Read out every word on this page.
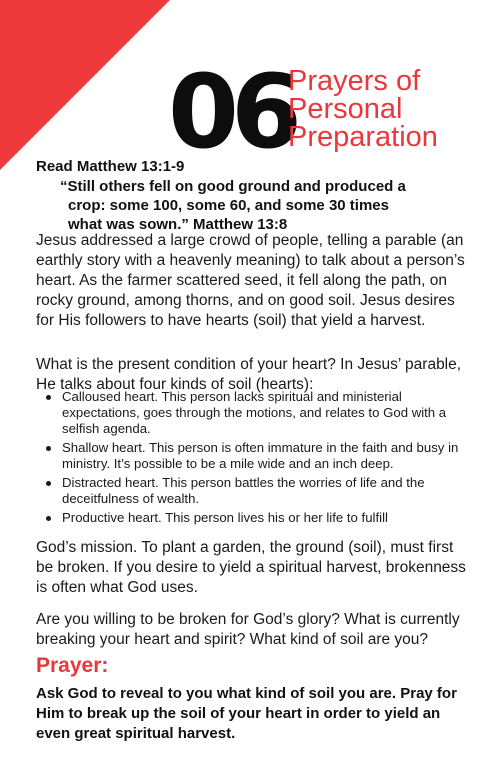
06
Prayers of
Personal
Preparation
Read Matthew 13:1-9
“Still others fell on good ground and produced a
crop: some 100, some 60, and some 30 times
what was sown.” Matthew 13:8

Jesus addressed a large crowd of people, telling a parable (an earthly story with a heavenly meaning) to talk about a person’s heart. As the farmer scattered seed, it fell along the path, on rocky ground, among thorns, and on good soil. Jesus desires for His followers to have hearts (soil) that yield a harvest.

What is the present condition of your heart? In Jesus’ parable, He talks about four kinds of soil (hearts):

Calloused heart. This person lacks spiritual and ministerial expectations, goes through the motions, and relates to God with a selfish agenda.
Shallow heart. This person is often immature in the faith and busy in ministry. It’s possible to be a mile wide and an inch deep.
Distracted heart. This person battles the worries of life and the deceitfulness of wealth.
Productive heart. This person lives his or her life to fulfill

God’s mission. To plant a garden, the ground (soil), must first be broken. If you desire to yield a spiritual harvest, brokenness is often what God uses.

Are you willing to be broken for God’s glory? What is currently breaking your heart and spirit? What kind of soil are you?

Prayer:

Ask God to reveal to you what kind of soil you are. Pray for Him to break up the soil of your heart in order to yield an even great spiritual harvest.
